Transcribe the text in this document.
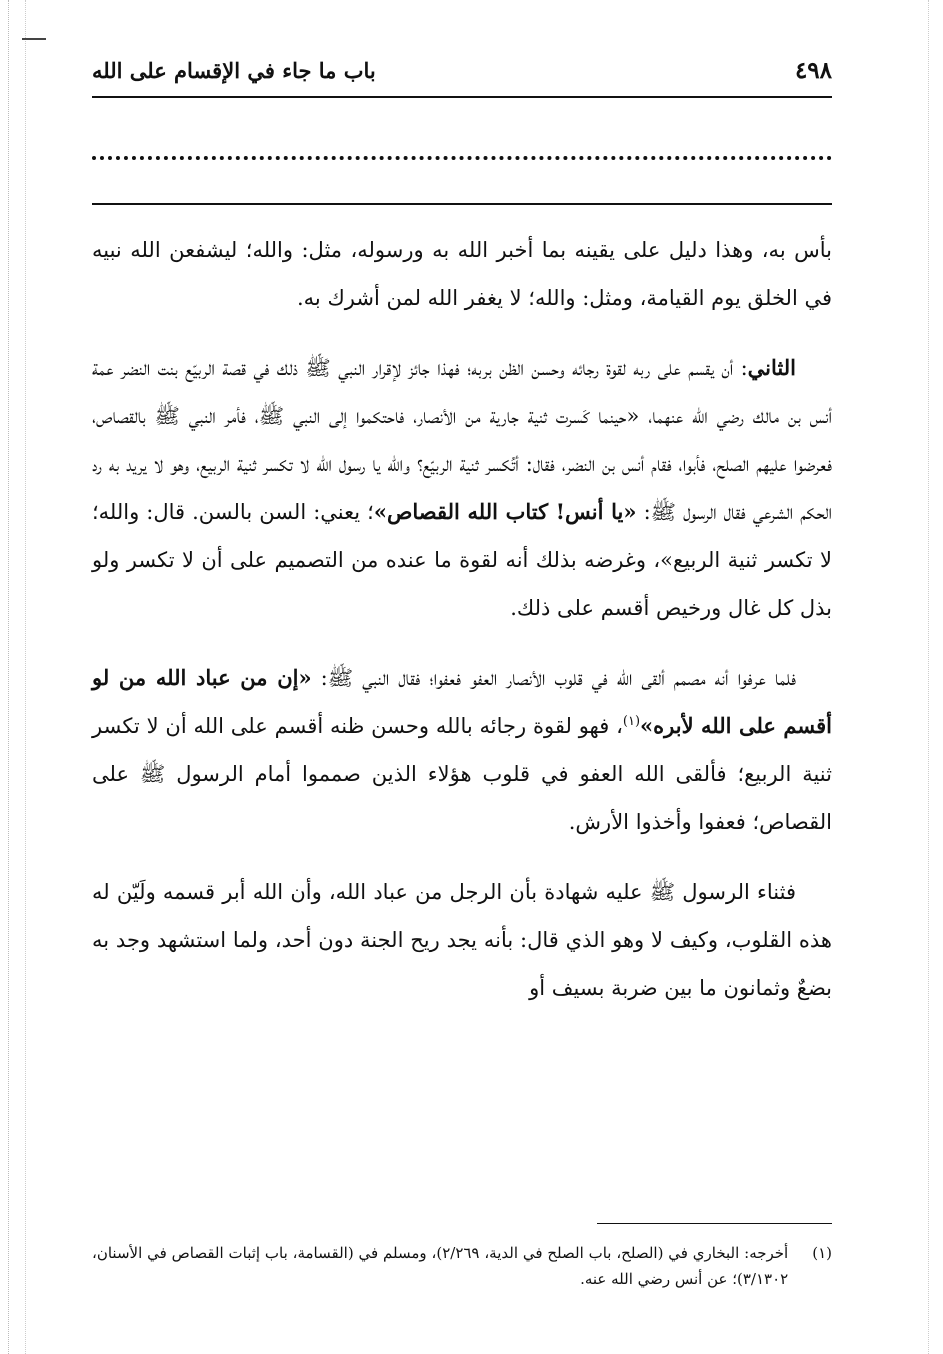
٤٩٨
باب ما جاء في الإقسام على الله

بأس به، وهذا دليل على يقينه بما أخبر الله به ورسوله، مثل: والله؛ ليشفعن الله نبيه في الخلق يوم القيامة، ومثل: والله؛ لا يغفر الله لمن أشرك به.

الثاني: أن يقسم على ربه لقوة رجائه وحسن الظن بربه؛ فهذا جائز لإقرار النبي ﷺ ذلك في قصة الربيّع بنت النضر عمة أنس بن مالك رضي الله عنهما، «حينما كَسرت ثنية جارية من الأنصار، فاحتكموا إلى النبي ﷺ، فأمر النبي ﷺ بالقصاص، فعرضوا عليهم الصلح، فأبوا، فقام أنس بن النضر، فقال: أتُكسر ثنية الربيّع؟ والله يا رسول الله لا تكسر ثنية الربيع، وهو لا يريد به رد الحكم الشرعي فقال الرسول ﷺ: «يا أنس! كتاب الله القصاص»؛ يعني: السن بالسن. قال: والله؛ لا تكسر ثنية الربيع»، وغرضه بذلك أنه لقوة ما عنده من التصميم على أن لا تكسر ولو بذل كل غال ورخيص أقسم على ذلك.

فلما عرفوا أنه مصمم ألقى الله في قلوب الأنصار العفو فعفوا؛ فقال النبي ﷺ: «إن من عباد الله من لو أقسم على الله لأبره»$^{(١)}$، فهو لقوة رجائه بالله وحسن ظنه أقسم على الله أن لا تكسر ثنية الربيع؛ فألقى الله العفو في قلوب هؤلاء الذين صمموا أمام الرسول ﷺ على القصاص؛ فعفوا وأخذوا الأرش.

فثناء الرسول ﷺ عليه شهادة بأن الرجل من عباد الله، وأن الله أبر قسمه ولَيّن له هذه القلوب، وكيف لا وهو الذي قال: بأنه يجد ريح الجنة دون أحد، ولما استشهد وجد به بضعٌ وثمانون ما بين ضربة بسيف أو

(١)
أخرجه: البخاري في (الصلح، باب الصلح في الدية، ٢/٢٦٩)، ومسلم في (القسامة، باب إثبات القصاص في الأسنان، ٣/١٣٠٢)؛ عن أنس رضي الله عنه.
